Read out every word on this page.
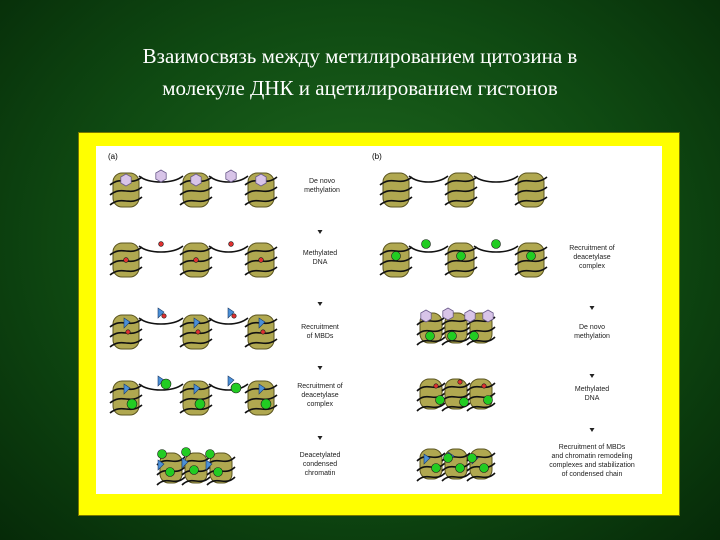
Взаимосвязь между метилированием цитозина в
молекуле ДНК и ацетилированием гистонов
(a)	(b)
De novo
methylation
Methylated
DNA
Recruitment
of MBDs
Recruitment of
deacetylase
complex
Deacetylated
condensed
chromatin
Recruitment of
deacetylase
complex
De novo
methylation
Methylated
DNA
Recruitment of MBDs
and chromatin remodeling
complexes and stabilization
of condensed chain
